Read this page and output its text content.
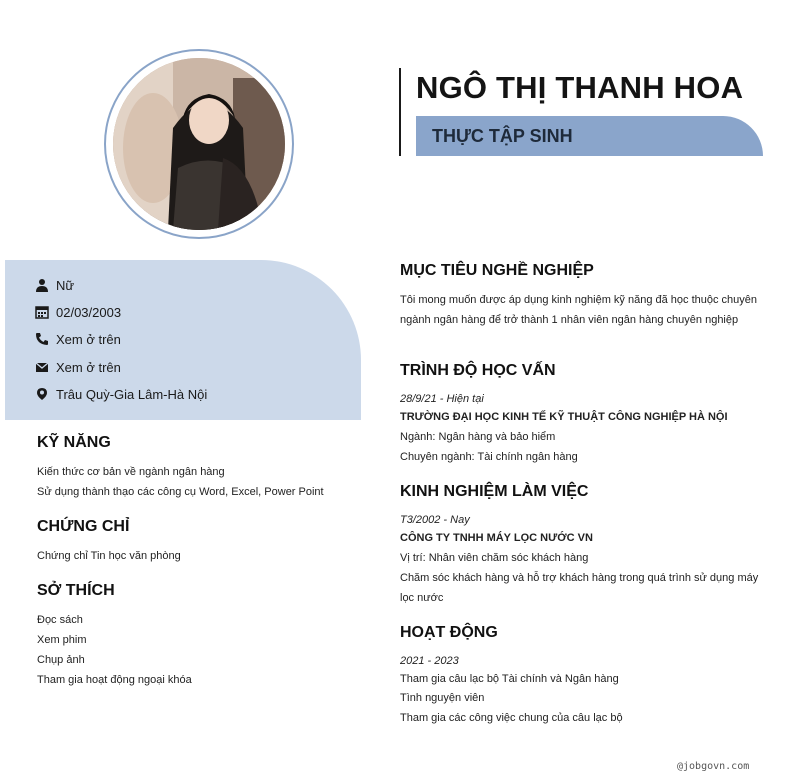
NGÔ THỊ THANH HOA
THỰC TẬP SINH
Nữ
02/03/2003
Xem ở trên
Xem ở trên
Trâu Quỳ-Gia Lâm-Hà Nội
KỸ NĂNG
Kiến thức cơ bản về ngành ngân hàng
Sử dụng thành thạo các công cụ Word, Excel, Power Point
CHỨNG CHỈ
Chứng chỉ Tin học văn phòng
SỞ THÍCH
Đọc sách
Xem phim
Chụp ảnh
Tham gia hoạt động ngoại khóa
MỤC TIÊU NGHỀ NGHIỆP
Tôi mong muốn được áp dụng kinh nghiệm kỹ năng đã học thuộc chuyên ngành ngân hàng để trở thành 1 nhân viên ngân hàng chuyên nghiệp
TRÌNH ĐỘ HỌC VẤN
28/9/21 - Hiện tại
TRƯỜNG ĐẠI HỌC KINH TẾ KỸ THUẬT CÔNG NGHIỆP HÀ NỘI
Ngành: Ngân hàng và bảo hiểm
Chuyên ngành: Tài chính ngân hàng
KINH NGHIỆM LÀM VIỆC
T3/2002 - Nay
CÔNG TY TNHH MÁY LỌC NƯỚC VN
Vị trí: Nhân viên chăm sóc khách hàng
Chăm sóc khách hàng và hỗ trợ khách hàng trong quá trình sử dụng máy lọc nước
HOẠT ĐỘNG
2021 - 2023
Tham gia câu lạc bộ Tài chính và Ngân hàng
Tình nguyện viên
Tham gia các công việc chung của câu lạc bộ
@jobgovn.com
